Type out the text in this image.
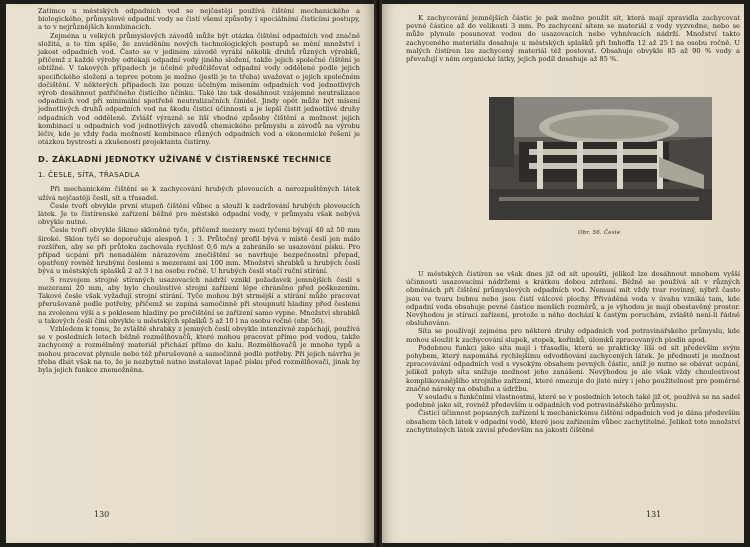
Zatímco u městských odpadních vod se nejčastěji používá čištění mechanického a biologického, průmyslové odpadní vody se čistí všemi způsoby i speciálními čisticími postupy, a to v nejrůznějších kombinacích.

Zejména u velkých průmyslových závodů může být otázka čištění odpadních vod značně složitá, a to tím spíše, že zaváděním nových technologických postupů se mění množství i jakost odpadních vod. Často se v jediném závodě vyrábí několik druhů různých výrobků, přičemž z každé výroby odtékají odpadní vody jiného složení, takže jejich společné čištění je obtížné. V takových případech je účelné předčišťovat odpadní vody oddělené podle jejich specifického složení a teprve potom je možno (jestli je to třeba) uvažovat o jejich společném dočištění. V některých případech lze pouze účelným mísením odpadních vod jednotlivých výrob dosáhnout patřičného čisticího účinku. Také lze tak dosáhnout vzájemné neutralizace odpadních vod při minimální spotřebě neutralizačních činidel. Jindy opět může být mísení jednotlivých druhů odpadních vod na škodu čisticí účinnosti a je lepší čistit jednotlivé druhy odpadních vod odděleně. Zvlášť výrazně se liší vhodné způsoby čištění a možnost jejich kombinací u odpadních vod jednotlivých závodů chemického průmyslu a závodů na výrobu léčiv, kde je vždy řada možností kombinace různých odpadních vod a ekonomické řešení je otázkou bystrosti a zkušeností projektanta čistírny.

D. ZÁKLADNÍ JEDNOTKY UŽÍVANÉ V ČISTÍRENSKÉ TECHNICE
1. ČESLE, SÍTA, TŘASADLA

Při mechanickém čištění se k zachycování hrubých plovoucích a nerozpuštěných látek užívá nejčastěji česlí, sít a třasadel.

Česle tvoří obvykle první stupeň čištění vůbec a slouží k zadržování hrubých plovoucích látek. Je to čistírenské zařízení běžné pro městské odpadní vody, v průmyslu však nebývá obvykle nutné.

Česle tvoří obvykle šikmo skloněné tyče, přičemž mezery mezi tyčemi bývají 40 až 50 mm široké. Sklon tyčí se doporučuje alespoň 1 : 3. Průtočný profil bývá v místě česlí jen málo rozšířen, aby se při průtoku zachovala rychlost 0,6 m/s a zabránilo se usazování písku. Pro případ ucpání při nenadálém nárazovém znečištění se navrhuje bezpečnostní přepad, opatřený rovněž hrubými česlemi s mezerami asi 100 mm. Množství shrabků u hrubých česlí bývá u městských splašků 2 až 3 l na osobu ročně. U hrubých česlí stačí ruční stírání.

S rozvojem strojně stíraných usazovacích nádrží vznikl požadavek jemnějších česlí s mezerami 20 mm, aby bylo choulostivé strojní zařízení lépe chráněno před poškozením. Takové česle však vyžadují strojní stírání. Tyče mohou být strmější a stírání může pracovat přerušovaně podle potřeby, přičemž se zapíná samočinně při stoupnutí hladiny před česlemi na zvolenou výši a s poklesem hladiny po pročištění se zařízení samo vypne. Množství shrabků u takových česlí činí obvykle u městských splašků 5 až 10 l na osobu ročně (obr. 56).

Vzhledem k tomu, že zvláště shrabky z jemných česlí obvykle intenzívně zapáchají, používá se v posledních letech běžně rozmělňovačů, které mohou pracovat přímo pod vodou, takže zachycený a rozmělněný materiál přichází přímo do kalu. Rozmělňovačů je mnoho typů a mohou pracovat plynule nebo též přerušovaně a samočinně podle potřeby. Při jejich návrhu je třeba dbát však na to, že je nezbytně nutno instalovat lapač písku před rozmělňovači, jinak by byla jejich funkce znemožněna.

130

K zachycování jemnějších částic je pak možno použít sít, která mají zpravidla zachycovat pevné částice až do velikosti 3 mm. Po zachycení sítem se materiál z vody vyzvedne, nebo se může plynule posunovat vodou do usazovacích nebo vyhnívacích nádrží. Množství takto zachyceného materiálu dosahuje u městských splašků při Imhoffa 12 až 25 l na osobu ročně. U malých čistíren lze zachycený materiál též postovat. Obsahuje obvykle 85 až 90 % vody a převažují v něm organické látky, jejich podíl dosahuje až 85 %.

Obr. 56. Česle

U městských čistíren se však dnes již od sít upouští, jelikož lze dosáhnout mnohem vyšší účinnosti usazovacími nádržemi s krátkou dobou zdržení. Běžně se používá sít v různých obměnách při čištění průmyslových odpadních vod. Nemusí mít vždy tvar rovinný, nýbrž často jsou ve tvaru bubnu nebo jsou čistí válcové plochy. Přiváděná voda v úvahu vzniká tam, kde odpadní voda obsahuje pevné částice menších rozměrů, a je výhodou je mají obestavěný prostor. Nevýhodou je stírací zařízení, protože u něho dochází k častým poruchám, zvláště není-li řádně obsluhováno.

Síta se používají zejména pro některé druhy odpadních vod potravinářského průmyslu, kde mohou sloužit k zachycování slupek, stopek, kořínků, úlomků zpracovaných plodin apod.

Podobnou funkci jako síta mají i třasadla, která se prakticky liší od sít především svým pohybem, který napomáhá rychlejšímu odvodňování zachycených látek. Je předností je možnost zpracovávání odpadních vod s vysokým obsahem pevných částic, aniž je nutno se obávat ucpání, jelikož pohyb síta snižuje možnost jeho zanášení. Nevýhodou je ale však vždy choulostivost komplikovanějšího strojního zařízení, které omezuje do jisté míry i jeho použitelnost pro poměrně značné nároky na obsluhu a údržbu.

V souladu s funkčními vlastnostmi, které se v posledních letech také již ot, používá se na sadel podobně jako sít, rovněž především u odpadních vod potravinářského průmyslu.

Čisticí účinnost popsaných zařízení k mechanickému čištění odpadních vod je dána především obsahem těch látek v odpadní vodě, které jsou zařízením vůbec zachytitelné. Jelikož toto množství zachytitelných látek závisí především na jakosti čištěné

131
